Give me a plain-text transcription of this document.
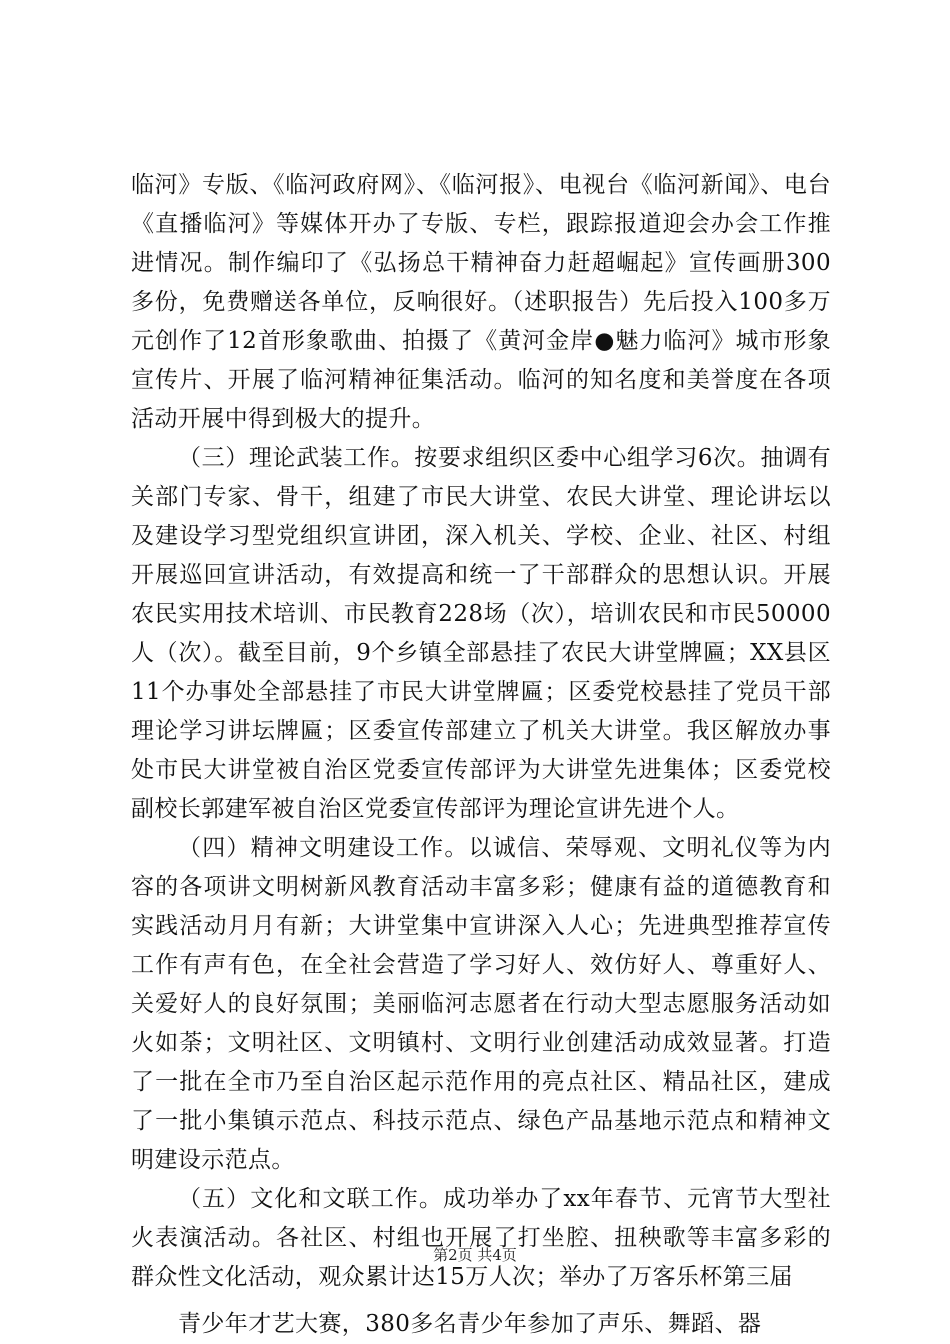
临河》专版、《临河政府网》、《临河报》、电视台《临河新闻》、电台《直播临河》等媒体开办了专版、专栏，跟踪报道迎会办会工作推进情况。制作编印了《弘扬总干精神奋力赶超崛起》宣传画册300多份，免费赠送各单位，反响很好。（述职报告）先后投入100多万元创作了12首形象歌曲、拍摄了《黄河金岸●魅力临河》城市形象宣传片、开展了临河精神征集活动。临河的知名度和美誉度在各项活动开展中得到极大的提升。

（三）理论武装工作。按要求组织区委中心组学习6次。抽调有关部门专家、骨干，组建了市民大讲堂、农民大讲堂、理论讲坛以及建设学习型党组织宣讲团，深入机关、学校、企业、社区、村组开展巡回宣讲活动，有效提高和统一了干部群众的思想认识。开展农民实用技术培训、市民教育228场（次），培训农民和市民50000人（次）。截至目前，9个乡镇全部悬挂了农民大讲堂牌匾；XX县区11个办事处全部悬挂了市民大讲堂牌匾；区委党校悬挂了党员干部理论学习讲坛牌匾；区委宣传部建立了机关大讲堂。我区解放办事处市民大讲堂被自治区党委宣传部评为大讲堂先进集体；区委党校副校长郭建军被自治区党委宣传部评为理论宣讲先进个人。

（四）精神文明建设工作。以诚信、荣辱观、文明礼仪等为内容的各项讲文明树新风教育活动丰富多彩；健康有益的道德教育和实践活动月月有新；大讲堂集中宣讲深入人心；先进典型推荐宣传工作有声有色，在全社会营造了学习好人、效仿好人、尊重好人、关爱好人的良好氛围；美丽临河志愿者在行动大型志愿服务活动如火如荼；文明社区、文明镇村、文明行业创建活动成效显著。打造了一批在全市乃至自治区起示范作用的亮点社区、精品社区，建成了一批小集镇示范点、科技示范点、绿色产品基地示范点和精神文明建设示范点。

（五）文化和文联工作。成功举办了xx年春节、元宵节大型社火表演活动。各社区、村组也开展了打坐腔、扭秧歌等丰富多彩的群众性文化活动，观众累计达15万人次；举办了万客乐杯第三届

青少年才艺大赛，380多名青少年参加了声乐、舞蹈、器

第2页 共4页
